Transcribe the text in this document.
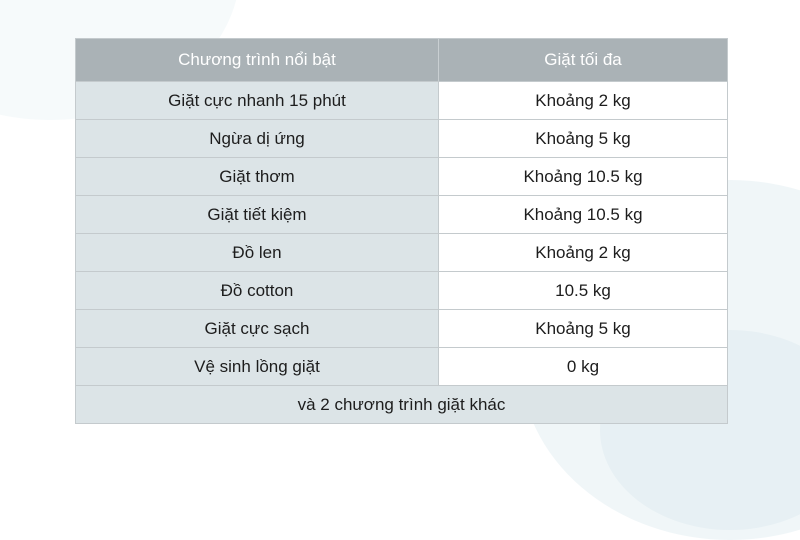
Chương trình nổi bật	Giặt tối đa
Giặt cực nhanh 15 phút	Khoảng 2 kg
Ngừa dị ứng	Khoảng 5 kg
Giặt thơm	Khoảng 10.5 kg
Giặt tiết kiệm	Khoảng 10.5 kg
Đồ len	Khoảng 2 kg
Đồ cotton	10.5 kg
Giặt cực sạch	Khoảng 5 kg
Vệ sinh lồng giặt	0 kg
và 2 chương trình giặt khác
